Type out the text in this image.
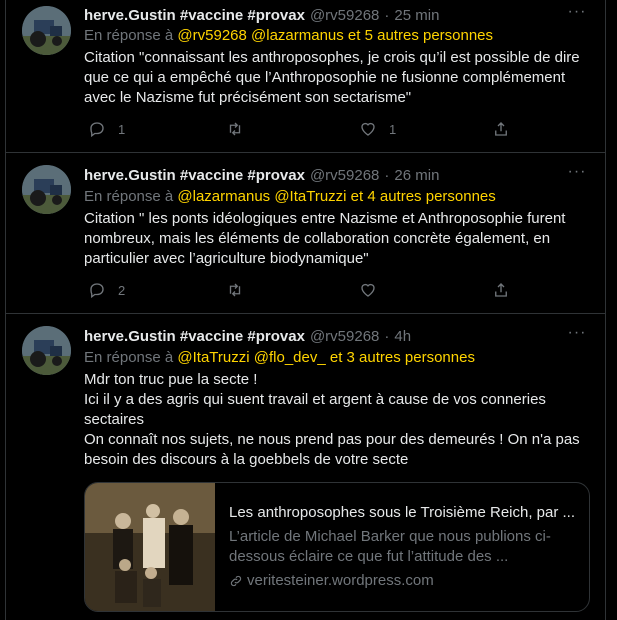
herve.Gustin #vaccine #provax @rv59268 · 25 min	···
En réponse à @rv59268 @lazarmanus et 5 autres personnes

Citation "connaissant les anthroposophes, je crois qu’il est possible de dire

que ce qui a empêché que l’Anthroposophie ne fusionne complémement

avec le Nazisme fut précisément son sectarisme"

1	1
herve.Gustin #vaccine #provax @rv59268 · 26 min	···
En réponse à @lazarmanus @ItaTruzzi et 4 autres personnes

Citation " les ponts idéologiques entre Nazisme et Anthroposophie furent

nombreux, mais les éléments de collaboration concrète également, en

particulier avec l’agriculture biodynamique"

2
herve.Gustin #vaccine #provax @rv59268 · 4h	···
En réponse à @ItaTruzzi @flo_dev_ et 3 autres personnes

Mdr ton truc pue la secte !

Ici il y a des agris qui suent travail et argent à cause de vos conneries

sectaires

On connaît nos sujets, ne nous prend pas pour des demeurés ! On n'a pas

besoin des discours à la goebbels de votre secte

Les anthroposophes sous le Troisième Reich, par ...
L’article de Michael Barker que nous publions ci-
dessous éclaire ce que fut l’attitude des ...
veritesteiner.wordpress.com
